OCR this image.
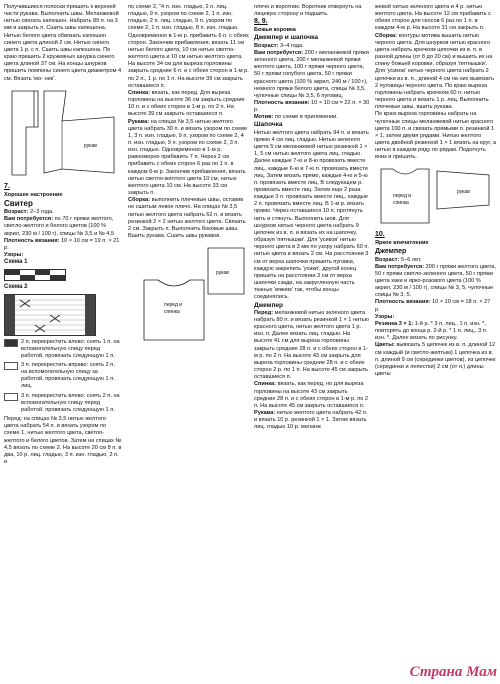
Получившиеся полоски пришить к верхней части рукава. Выполнить швы. Меланжевой нитью связать капюшон. Набрать 89 п. на 3 мм и закрыть п. Сшить швы капюшона. Нитью белого цвета обвязать капюшон синего цвета длиной 2 см. Нитью синего цвета 1 р. с п. Сшить швы капюшона. По краю пришить 2 кружевных шнурка синего цвета длиной 37 см. На концы шнурков пришить помпоны синего цвета диаметром 4 см. Вязать 'мо- ник'.

рукав

7.

Хорошее настроение

Свитер

Возраст: 2–3 года.

Вам потребуется: по 70 г пряжи желтого, светло-желтого и белого цветов (100 % акрил, 230 м / 100 г), спицы № 3,5 и № 4,5

Плотность вязания: 10 × 10 см = 19 п. × 21 р.

Узоры:

Схема 1

Схема 2

2 п. перекрестить влево: снять 1 п. на вспомогательную спицу перед работой, провязать следующую 1 п.
3 п. перекрестить вправо: снять 2 п. на вспомогательную спицу за работой, провязать следующую 1 п. лиц.
3 п. перекрестить влево: снять 2 п. на вспомогательную спицу перед работой, провязать следующую 1 п.

Перед: на спицах № 3,5 нитью желтого цвета набрать 54 п. и вязать узором по схеме 1, нитью желтого цвета, светло-желтого и белого цветов. Затем на спицах № 4,5 вязать по схеме 2. На высоте 20 см 8 п. в два, 10 р. лиц. гладью, 3 п. изн. гладью, 2 п. и

по схеме 2, "4 п. изн. гладью, 2 п. лиц. гладью, 9 п. узором по схеме 2, 1 п. изн. гладью, 2 п. лиц. гладью, 9 п. узором по схеме 2, 1 п. изн. гладью, 8 п. изн. гладью. Одновременно в 1-м р. прибавить 6 п. с обеих сторон. Закончив прибавления, вязать 11 см нитью белого цвета, 10 см нитью светло-желтого цвета и 10 см нитью желтого цвета. На высоте 34 см для выреза горловины закрыть средние 6 п. и с обеих сторон в 1-м р. по 2 п., 1 р. по 1 п. На высоте 39 см закрыть оставшиеся п.

Спинка: вязать, как перед. Для выреза горловины на высоте 36 см закрыть средние 10 п. и с обеих сторон в 1-м р. по 2 п. На высоте 39 см закрыть оставшиеся п.

Рукава: на спицах № 3,5 нитью желтого цвета набрать 30 п. и вязать узором по схеме 1, 3 п. изн. гладью, 9 п. узором по схеме 2, 4 п. изн. гладью, 9 п. узором по схеме 2, 3 п. изн. гладью. Одновременно в 1-м р. равномерно прибавить 7 п. Через 2 см прибавить с обеих сторон 6 раз по 1 п. в каждом 6-м р. Закончив прибавления, вязать нитью светло-желтого цвета 10 см, нитью желтого цвета 10 см. На высоте 33 см закрыть п.

Сборка: выполнить плечевые швы, оставив не сшитым левое плечо. На спицах № 3,5 нитью желтого цвета набрать 62 п. и вязать резинкой 2 × 2 нитью желтого цвета. Связать 2 см. Закрыть п. Выполнить боковые швы. Вшить рукава. Сшить швы рукавов.

рукав
перед и
спинка

плечо и воротник. Воротник отвернуть на лицевую сторону и подшить.

8, 9.

Божья коровка

Джемпер и шапочка

Возраст: 3–4 года.

Вам потребуется: 200 г меланжевой пряжи зеленого цвета, 200 г меланжевой пряжи желтого цвета, 100 г пряжи черного цвета, 50 г пряжи голубого цвета, 50 г пряжи красного цвета (100 % акрил, 240 м / 100 г), немного пряжи белого цвета, спицы № 3,5, чулочные спицы № 3,5, 6 пуговиц.

Плотность вязания: 10 × 10 см = 22 п. × 30 р.

Мотив: по схеме в приложении.

Шапочка

Нитью желтого цвета набрать 94 п. и вязать прямо 4 см лиц. гладью. Нитью зеленого цвета 5 см меланжевой нитью резинкой 1 × 1, 5 см нитью желтого цвета лиц. гладью. Далее каждые 7-ю и 8-ю провязать вместе лиц., каждые 6-ю и 7-ю п. провязать вместе лиц. Затем вязать прямо, каждые 4-ю и 5-ю п. провязать вместе лиц. В следующем р. провязать вместе лиц. Затем еще 2 раза каждые 3 п. провязать вместе лиц., каждые 2 п. провязать вместе лиц. В 1-м р. вязать прямо. Через оставшиеся 10 п. протянуть нить и стянуть. Выполнить шов. Для шнурков нитью черного цвета набрать 9 цепочек из в. п. и вязать их на шапочку, образуя 'пятнышки'. Для 'усиков' нитью черного цвета в 3 мм по узору набрать 60 п. нитью цвета и вязать 2 см. На расстоянии 3 см от верха шапочки пришить пуговки, каждую закрепить 'усики', другой конец пришить на расстоянии 3 см от верха шапочки сзади, на закругленную часть тканью 'вяжем' так, чтобы концы соединялись.

Джемпер

Перед: меланжевой нитью зеленого цвета набрать 80 п. и вязать резинкой 1 × 1 нитью красного цвета, нитью желтого цвета 1 р. изн. п. Далее вязать лиц. гладью. На высоте 41 см для выреза горловины закрыть средние 28 п. и с обеих сторон в 1-м р. по 2 п. На высоте 43 см закрыть для выреза горловины средние 28 п. и с обеих сторон 2 р. по 1 п. На высоте 45 см закрыть оставшиеся п.

Спинка: вязать, как перед, но для выреза горловины на высоте 43 см закрыть средние 28 п. и с обеих сторон в 1-м р. по 2 п. На высоте 45 см закрыть оставшиеся п.

Рукава: нитью желтого цвета набрать 42 п. и вязать 10 р. резинкой 1 × 1. Затем вязать лиц. гладью 10 р. меланж

жевой нитью зеленого цвета и 4 р. нитью желтого цвета. На высоте 12 см прибавить с обеих сторон для скосов 6 раз по 1 п. в каждом 4-м р. На высоте 31 см закрыть п.

Сборка: контуры мотива вышить нитью черного цвета. Для шнурков нитью красного цвета набрать крючком цепочки из в. п. в разной длины (от 8 до 20 см) и вышить их на спину божьей коровки, образуя 'пятнышки'. Для 'усиков' нитью черного цвета набрать 2 цепочки из в. п., длиной 4 см на них вывязать 2 пуговицы черного цвета. По краю выреза горловины набрать крючком 60 п. нитью черного цвета и вязать 1 р. лиц. Выполнить плечевые швы, вшить рукава.

По краю выреза горловины набрать на чулочные спицы меланжевой нитью красного цвета 100 п. и связать прямыми п. резинкой 1 × 1, затем двумя рядами. Нитью желтого цвета двойной резинкой 1 × 1 вязать на круг, а нитью в каждом ряду по рядам. Подогнуть вниз и пришить.

перед и
спинка
рукав

10.

Яркое впечатление

Джемпер

Возраст: 5–6 лет.

Вам потребуется: 200 г пряжи желтого цвета, 50 г пряжи светло-зеленого цвета, 50 г пряжи цвета хаки и ярко-розового цвета (100 % акрил, 230 м / 100 г), спицы № 3, 5, чулочные спицы № 3, 5.

Плотность вязания: 10 × 10 см = 18 п. × 27 р.

Узоры:

Резинка 3 × 1: 1-й р. * 3 п. лиц., 1 п. изн. *, повторять до конца р. 2-й р. * 1 п. лиц., 3 п. изн. *. Далее вязать по рисунку.

Цветы: вывязать 5 цепочек из в. п. длиной 12 см каждый (и светло-желтым) 1 цепочка из в. п. длиной 9 см (серединки цветов), из цепочек (серединки и лепестки) 2 см (от п.) длины цветы

Страна Мам
